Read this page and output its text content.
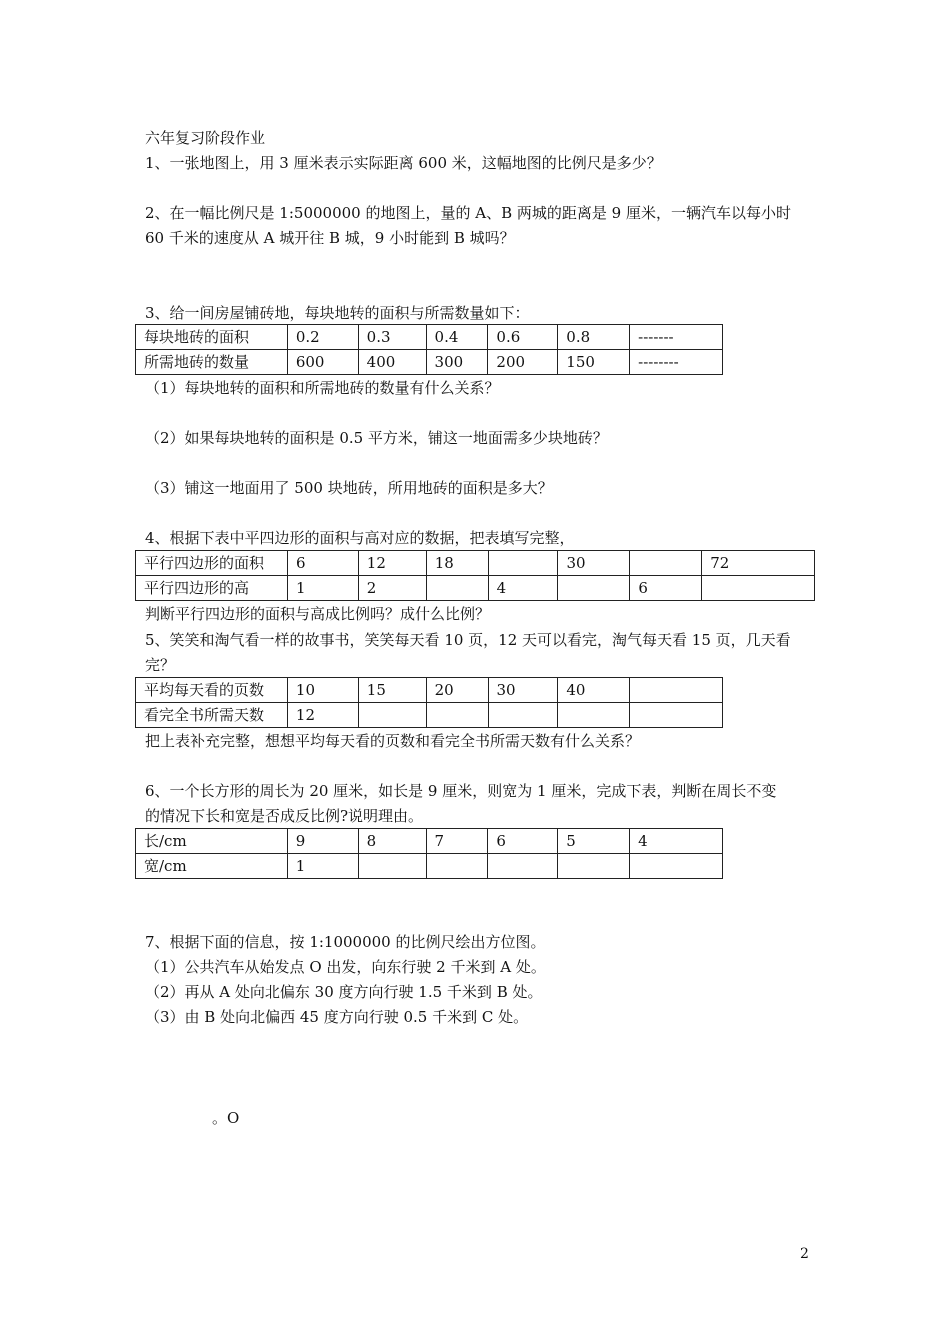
六年复习阶段作业
1、一张地图上，用 3 厘米表示实际距离 600 米，这幅地图的比例尺是多少？
2、在一幅比例尺是 1:5000000 的地图上，量的 A、B 两城的距离是 9 厘米，一辆汽车以每小时
60 千米的速度从 A 城开往 B 城，9 小时能到 B 城吗？
3、给一间房屋铺砖地，每块地转的面积与所需数量如下：
每块地砖的面积	0.2	0.3	0.4	0.6	0.8	-------
所需地砖的数量	600	400	300	200	150	--------
（1）每块地转的面积和所需地砖的数量有什么关系？
（2）如果每块地转的面积是 0.5 平方米，铺这一地面需多少块地砖？
（3）铺这一地面用了 500 块地砖，所用地砖的面积是多大？
4、根据下表中平四边形的面积与高对应的数据，把表填写完整，
平行四边形的面积	6	12	18		30		72
平行四边形的高	1	2		4		6	
判断平行四边形的面积与高成比例吗？成什么比例？
5、笑笑和淘气看一样的故事书，笑笑每天看 10 页，12 天可以看完，淘气每天看 15 页，几天看
完？
平均每天看的页数	10	15	20	30	40	
看完全书所需天数	12					
把上表补充完整，想想平均每天看的页数和看完全书所需天数有什么关系？
6、一个长方形的周长为 20 厘米，如长是 9 厘米，则宽为 1 厘米，完成下表，判断在周长不变
的情况下长和宽是否成反比例?说明理由。
长/cm	9	8	7	6	5	4
宽/cm	1					
7、根据下面的信息，按 1:1000000 的比例尺绘出方位图。
（1）公共汽车从始发点 O 出发，向东行驶 2 千米到 A 处。
（2）再从 A 处向北偏东 30 度方向行驶 1.5 千米到 B 处。
（3）由 B 处向北偏西 45 度方向行驶 0.5 千米到 C 处。
。O
2
